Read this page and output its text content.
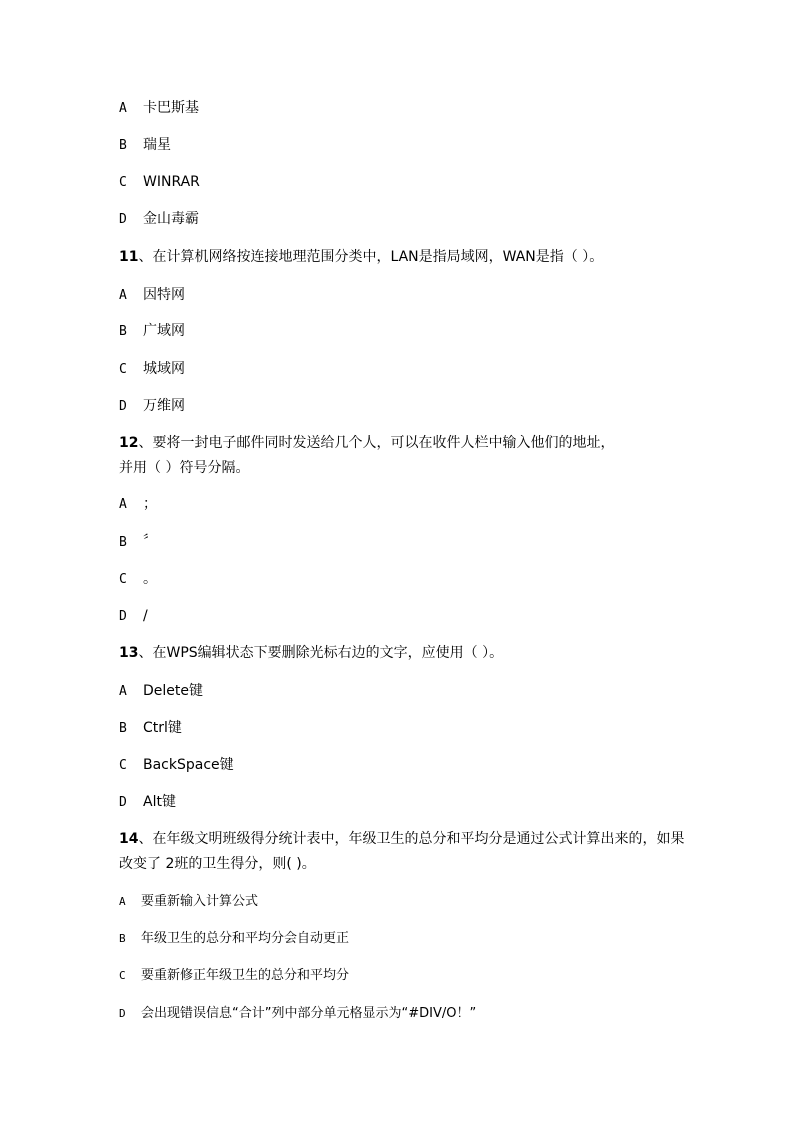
A 卡巴斯基
B 瑞星
C WINRAR
D 金山毒霸
11、在计算机网络按连接地理范围分类中，LAN是指局域网，WAN是指（ ）。
A 因特网
B 广域网
C 城域网
D 万维网
12、要将一封电子邮件同时发送给几个人，可以在收件人栏中输入他们的地址，
并用（ ）符号分隔。
A ；
B 〞
C 。
D /
13、在WPS编辑状态下要删除光标右边的文字，应使用（ ）。
A Delete键
B Ctrl键
C BackSpace键
D Alt键
14、在年级文明班级得分统计表中，年级卫生的总分和平均分是通过公式计算出来的，如果
改变了 2班的卫生得分，则( )。
A 要重新输入计算公式
B 年级卫生的总分和平均分会自动更正
C 要重新修正年级卫生的总分和平均分
D 会出现错误信息“合计”列中部分单元格显示为“#DIV/O！”
